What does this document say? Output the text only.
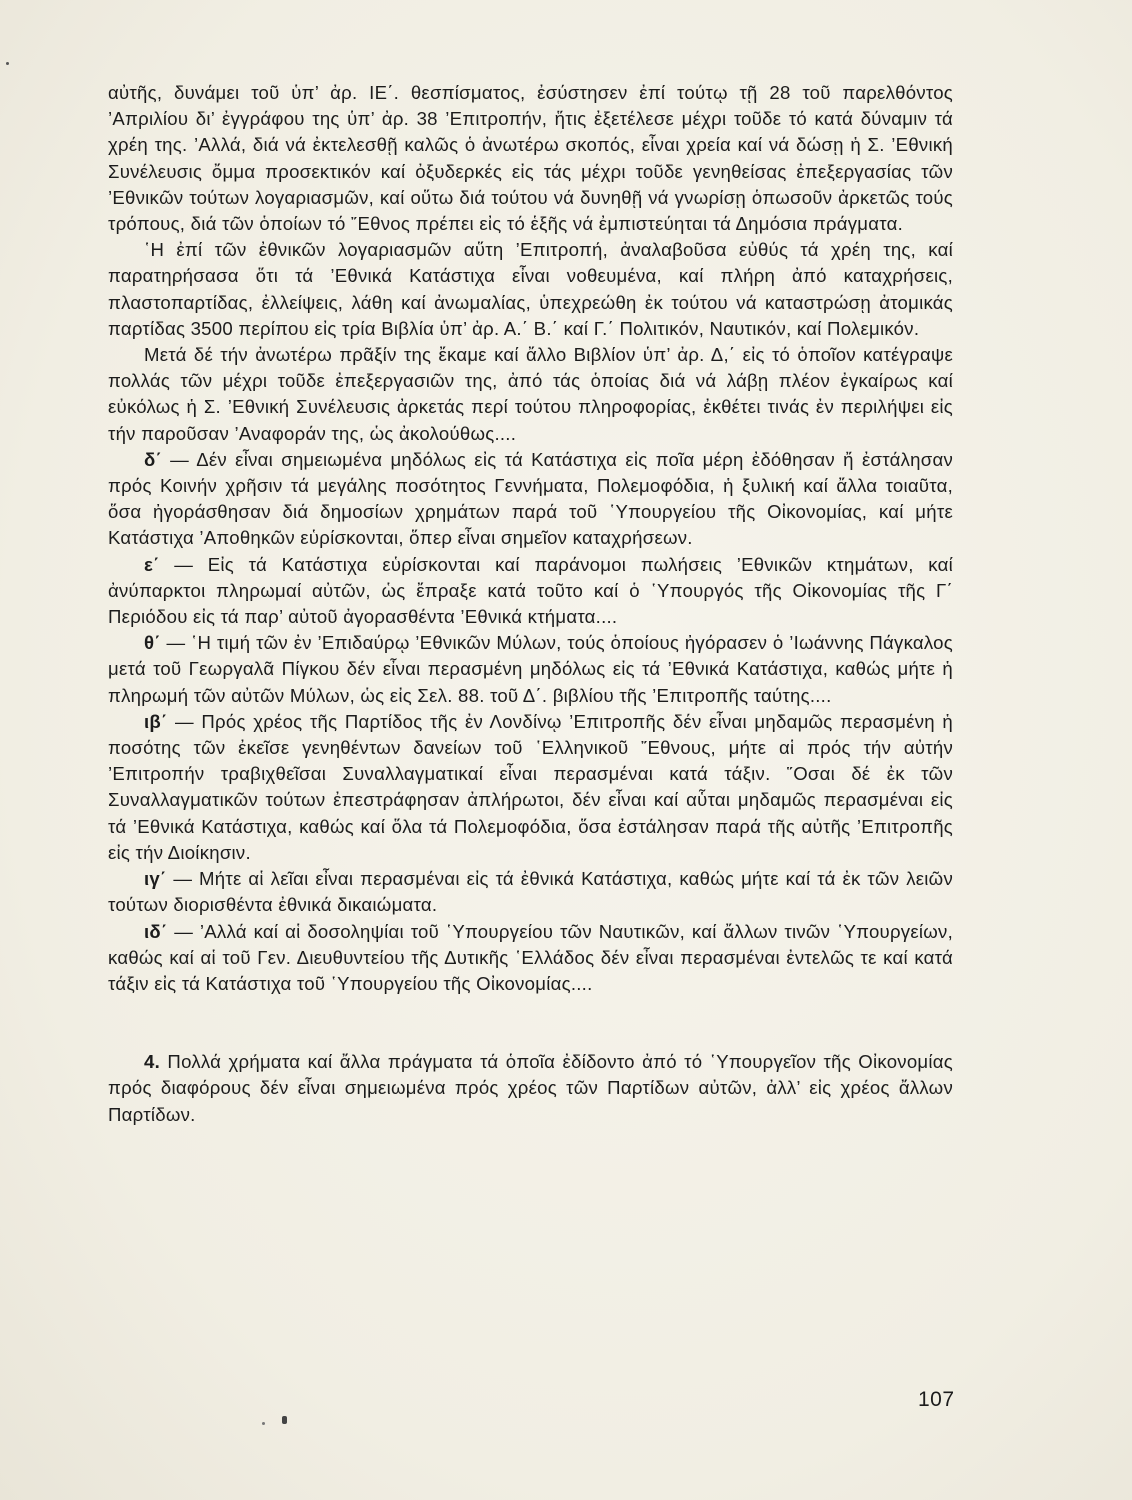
αὐτῆς, δυνάμει τοῦ ὑπ’ ἀρ. ΙΕ΄. θεσπίσματος, ἐσύστησεν ἐπί τούτῳ τῇ 28 τοῦ παρελθόντος ’Απριλίου δι’ ἐγγράφου της ὑπ’ ἀρ. 38 ’Επιτροπήν, ἥτις ἐξετέλεσε μέχρι τοῦδε τό κατά δύναμιν τά χρέη της. ’Αλλά, διά νά ἐκτελεσθῇ καλῶς ὁ ἀνωτέρω σκοπός, εἶναι χρεία καί νά δώσῃ ἡ Σ. ’Εθνική Συνέλευσις ὄμμα προσεκτικόν καί ὀξυδερκές εἰς τάς μέχρι τοῦδε γενηθείσας ἐπεξεργασίας τῶν ’Εθνικῶν τούτων λογαριασμῶν, καί οὕτω διά τούτου νά δυνηθῇ νά γνωρίσῃ ὁπωσοῦν ἀρκετῶς τούς τρόπους, διά τῶν ὁποίων τό ῎Εθνος πρέπει εἰς τό ἑξῆς νά ἐμπιστεύηται τά Δημόσια πράγματα.

῾Η ἐπί τῶν ἐθνικῶν λογαριασμῶν αὕτη ’Επιτροπή, ἀναλαβοῦσα εὐθύς τά χρέη της, καί παρατηρήσασα ὅτι τά ’Εθνικά Κατάστιχα εἶναι νοθευμένα, καί πλήρη ἀπό καταχρήσεις, πλαστοπαρτίδας, ἐλλείψεις, λάθη καί ἀνωμαλίας, ὑπεχρεώθη ἐκ τούτου νά καταστρώσῃ ἀτομικάς παρτίδας 3500 περίπου εἰς τρία Βιβλία ὑπ’ ἀρ. Α.΄ Β.΄ καί Γ.΄ Πολιτικόν, Ναυτικόν, καί Πολεμικόν.

Μετά δέ τήν ἀνωτέρω πρᾶξίν της ἔκαμε καί ἄλλο Βιβλίον ὑπ’ ἀρ. Δ,΄ εἰς τό ὁποῖον κατέγραψε πολλάς τῶν μέχρι τοῦδε ἐπεξεργασιῶν της, ἀπό τάς ὁποίας διά νά λάβῃ πλέον ἐγκαίρως καί εὐκόλως ἡ Σ. ’Εθνική Συνέλευσις ἀρκετάς περί τούτου πληροφορίας, ἐκθέτει τινάς ἐν περιλήψει εἰς τήν παροῦσαν ’Αναφοράν της, ὡς ἀκολούθως....

δ΄ — Δέν εἶναι σημειωμένα μηδόλως εἰς τά Κατάστιχα εἰς ποῖα μέρη ἐδόθησαν ἤ ἐστάλησαν πρός Κοινήν χρῆσιν τά μεγάλης ποσότητος Γεννήματα, Πολεμοφόδια, ἡ ξυλική καί ἄλλα τοιαῦτα, ὅσα ἠγοράσθησαν διά δημοσίων χρημάτων παρά τοῦ ῾Υπουργείου τῆς Οἰκονομίας, καί μήτε Κατάστιχα ’Αποθηκῶν εὑρίσκονται, ὅπερ εἶναι σημεῖον καταχρήσεων.

ε΄ — Εἰς τά Κατάστιχα εὑρίσκονται καί παράνομοι πωλήσεις ’Εθνικῶν κτημάτων, καί ἀνύπαρκτοι πληρωμαί αὐτῶν, ὡς ἔπραξε κατά τοῦτο καί ὁ ῾Υπουργός τῆς Οἰκονομίας τῆς Γ΄ Περιόδου εἰς τά παρ’ αὐτοῦ ἀγορασθέντα ’Εθνικά κτήματα....

θ΄ — ῾Η τιμή τῶν ἐν ’Επιδαύρῳ ’Εθνικῶν Μύλων, τούς ὁποίους ἠγόρασεν ὁ ’Ιωάννης Πάγκαλος μετά τοῦ Γεωργαλᾶ Πίγκου δέν εἶναι περασμένη μηδόλως εἰς τά ’Εθνικά Κατάστιχα, καθώς μήτε ἡ πληρωμή τῶν αὐτῶν Μύλων, ὡς εἰς Σελ. 88. τοῦ Δ΄. βιβλίου τῆς ’Επιτροπῆς ταύτης....

ιβ΄ — Πρός χρέος τῆς Παρτίδος τῆς ἐν Λονδίνῳ ’Επιτροπῆς δέν εἶναι μηδαμῶς περασμένη ἡ ποσότης τῶν ἐκεῖσε γενηθέντων δανείων τοῦ ῾Ελληνικοῦ ῎Εθνους, μήτε αἱ πρός τήν αὐτήν ’Επιτροπήν τραβιχθεῖσαι Συναλλαγματικαί εἶναι περασμέναι κατά τάξιν. ῞Οσαι δέ ἐκ τῶν Συναλλαγματικῶν τούτων ἐπεστράφησαν ἀπλήρωτοι, δέν εἶναι καί αὗται μηδαμῶς περασμέναι εἰς τά ’Εθνικά Κατάστιχα, καθώς καί ὅλα τά Πολεμοφόδια, ὅσα ἐστάλησαν παρά τῆς αὐτῆς ’Επιτροπῆς εἰς τήν Διοίκησιν.

ιγ΄ — Μήτε αἱ λεῖαι εἶναι περασμέναι εἰς τά ἐθνικά Κατάστιχα, καθώς μήτε καί τά ἐκ τῶν λειῶν τούτων διορισθέντα ἐθνικά δικαιώματα.

ιδ΄ — ’Αλλά καί αἱ δοσοληψίαι τοῦ ῾Υπουργείου τῶν Ναυτικῶν, καί ἄλλων τινῶν ῾Υπουργείων, καθώς καί αἱ τοῦ Γεν. Διευθυντείου τῆς Δυτικῆς ῾Ελλάδος δέν εἶναι περασμέναι ἐντελῶς τε καί κατά τάξιν εἰς τά Κατάστιχα τοῦ ῾Υπουργείου τῆς Οἰκονομίας....

4. Πολλά χρήματα καί ἄλλα πράγματα τά ὁποῖα ἐδίδοντο ἀπό τό ῾Υπουργεῖον τῆς Οἰκονομίας πρός διαφόρους δέν εἶναι σημειωμένα πρός χρέος τῶν Παρτίδων αὐτῶν, ἀλλ’ εἰς χρέος ἄλλων Παρτίδων.

107
